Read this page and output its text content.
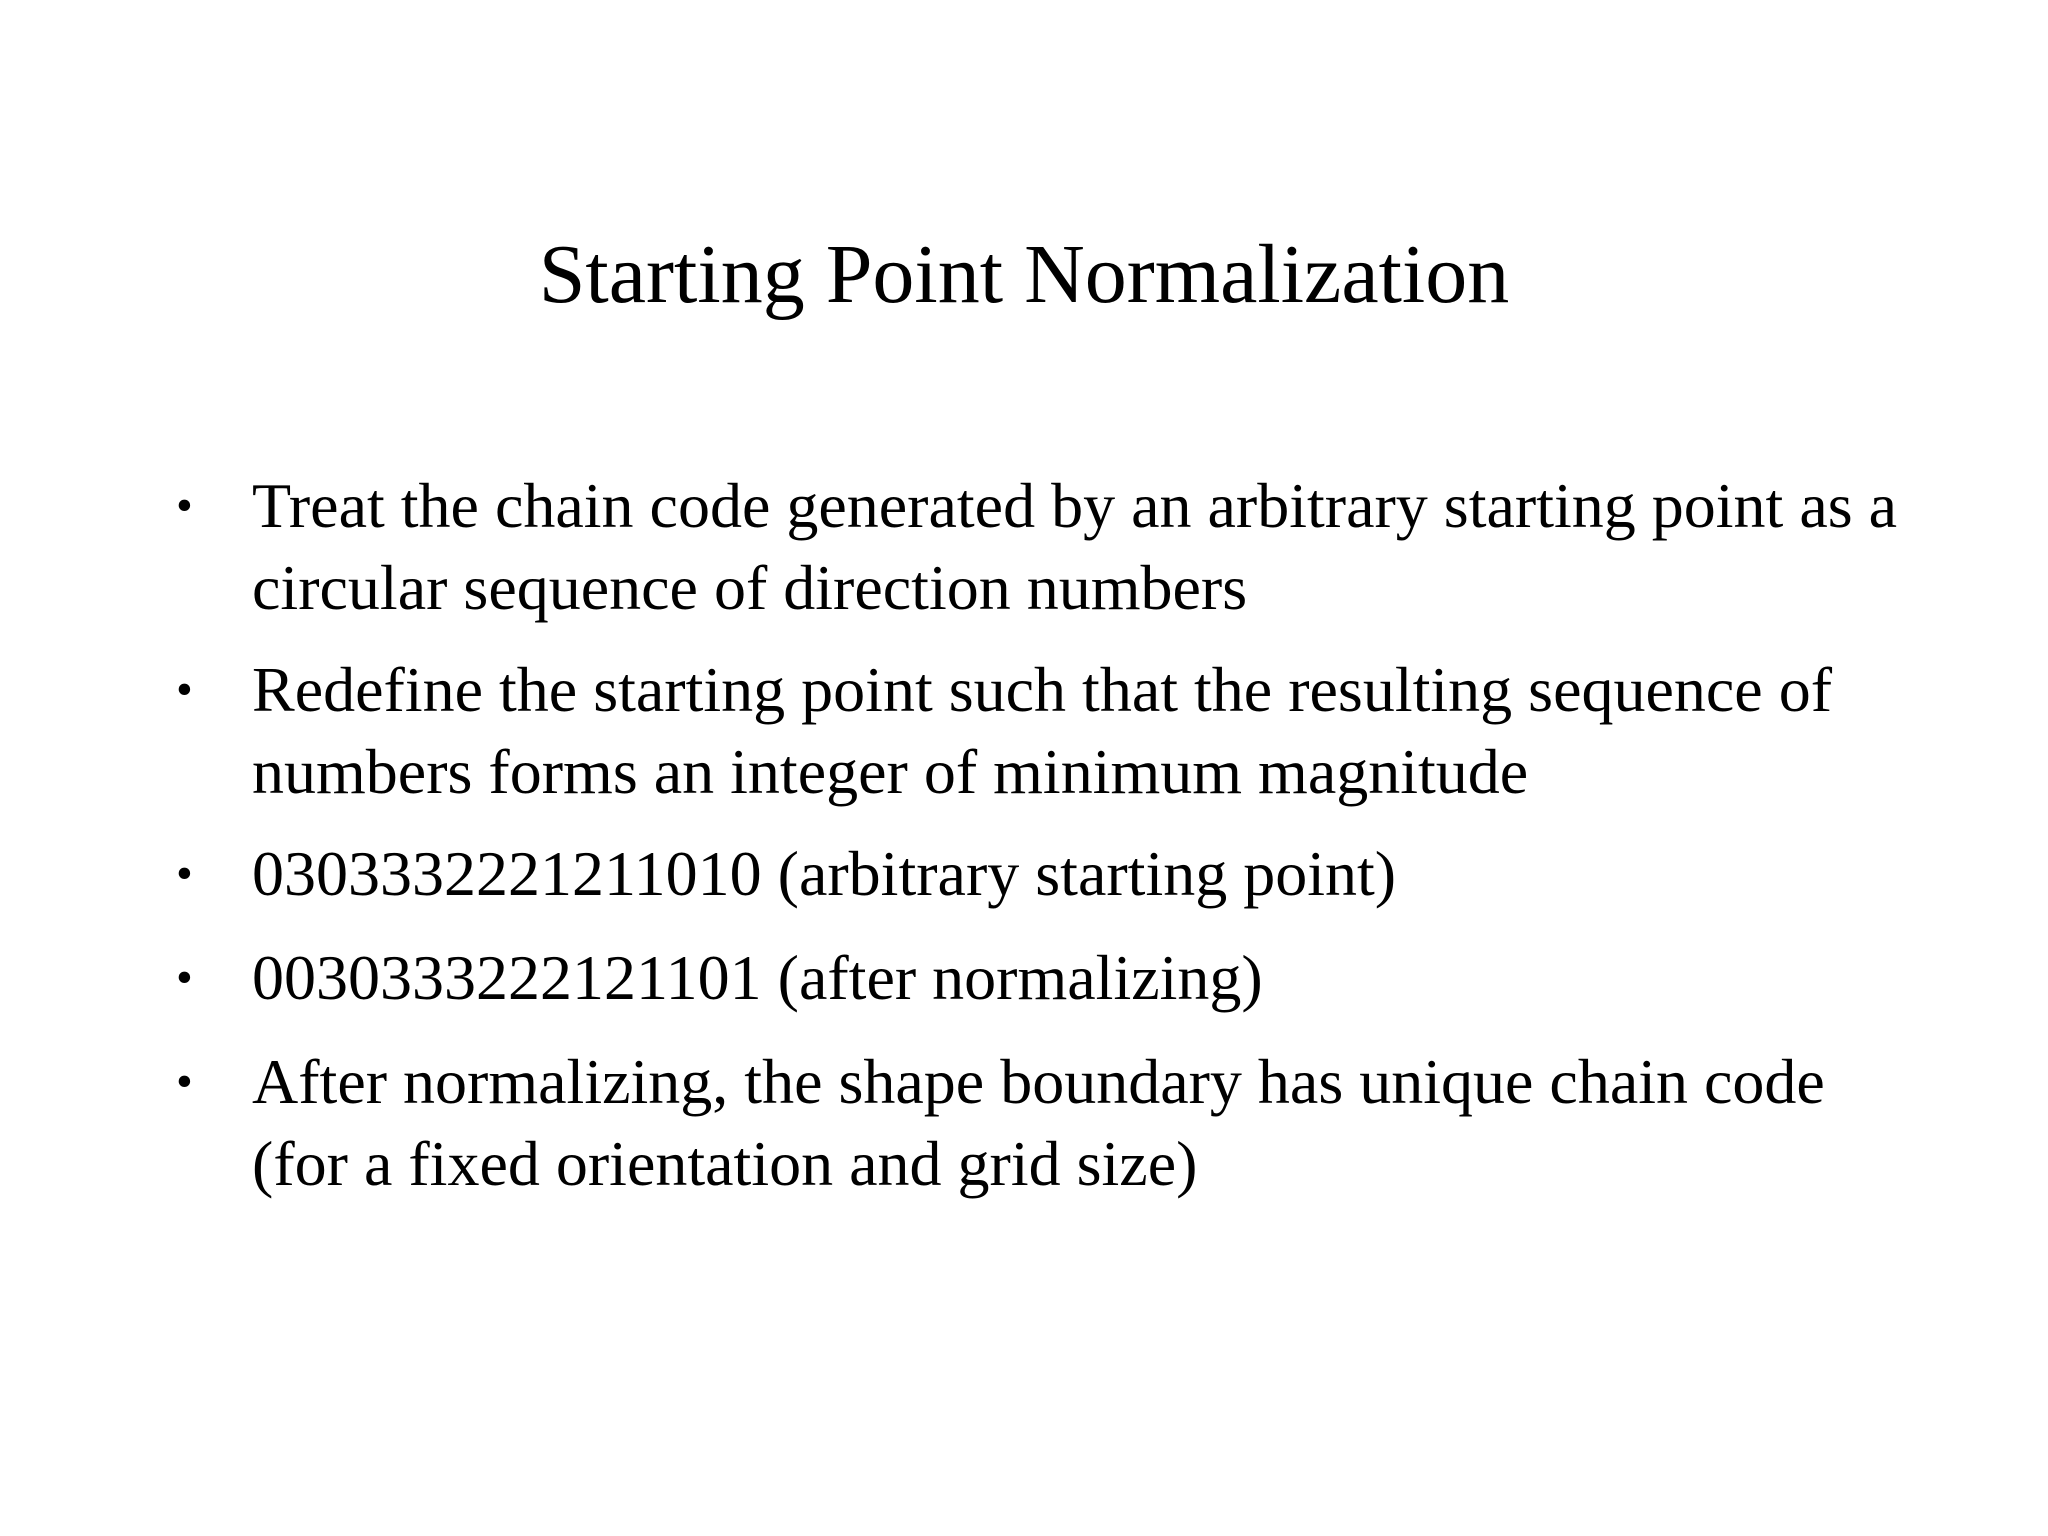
Starting Point Normalization
• Treat the chain code generated by an arbitrary starting point as a circular sequence of direction numbers
• Redefine the starting point such that the resulting sequence of numbers forms an integer of minimum magnitude
• 0303332221211010 (arbitrary starting point)
• 0030333222121101 (after normalizing)
• After normalizing, the shape boundary has unique chain code (for a fixed orientation and grid size)
